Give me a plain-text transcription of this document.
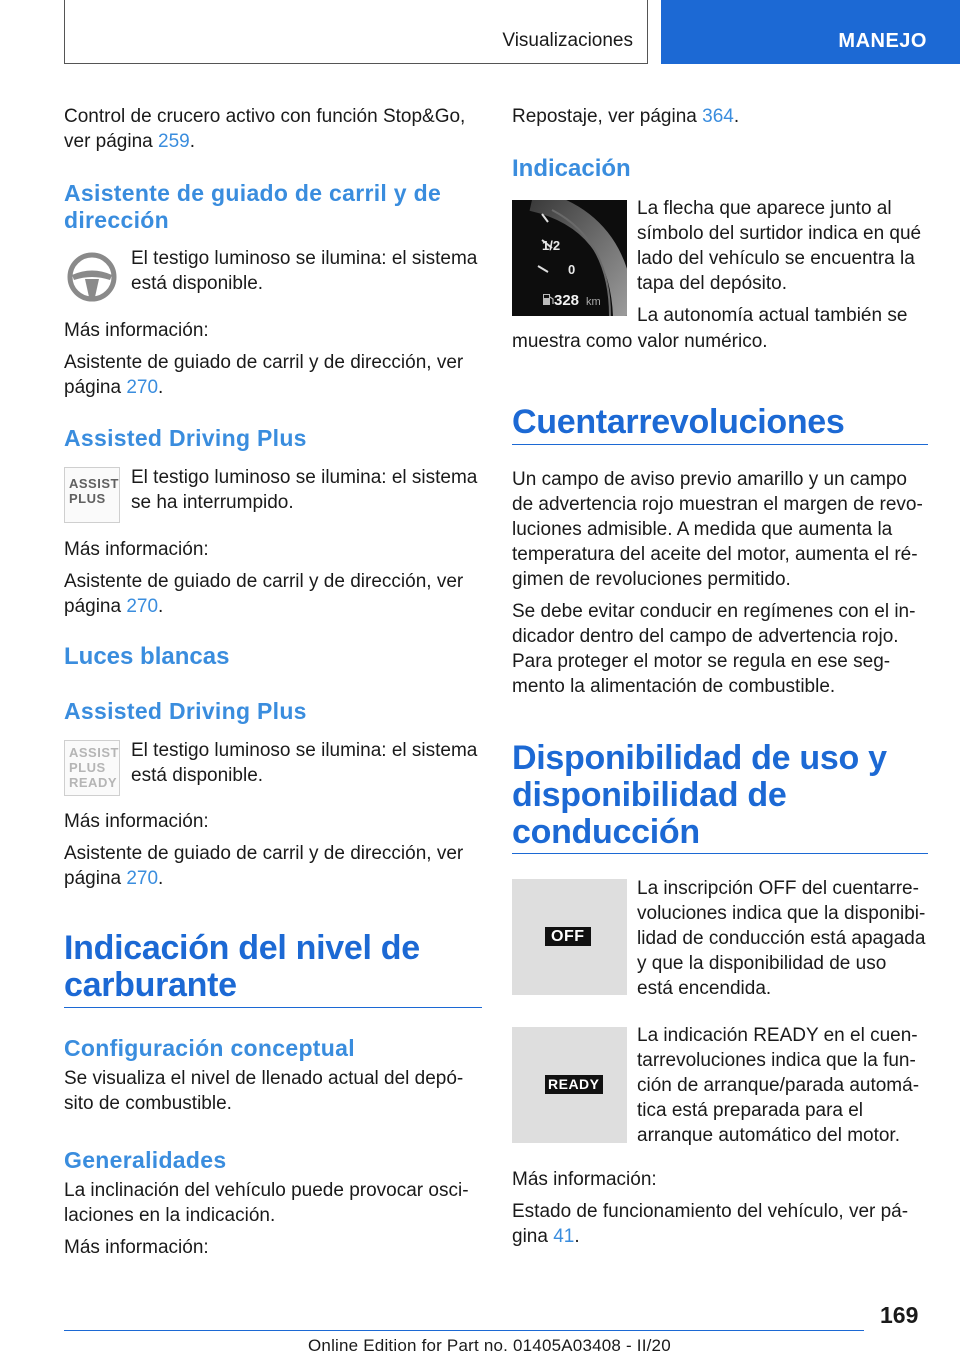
Visualizaciones	MANEJO

Control de crucero activo con función Stop&Go,

ver página 259.

Asistente de guiado de carril y de

dirección

El testigo luminoso se ilumina: el sistema

está disponible.

Más información:

Asistente de guiado de carril y de dirección, ver

página 270.

Assisted Driving Plus

ASSIST
PLUS

El testigo luminoso se ilumina: el sistema

se ha interrumpido.

Más información:

Asistente de guiado de carril y de dirección, ver

página 270.

Luces blancas

Assisted Driving Plus

ASSIST
PLUS
READY

El testigo luminoso se ilumina: el sistema

está disponible.

Más información:

Asistente de guiado de carril y de dirección, ver

página 270.

Indicación del nivel de

carburante

Configuración conceptual

Se visualiza el nivel de llenado actual del depó-

sito de combustible.

Generalidades

La inclinación del vehículo puede provocar osci-

laciones en la indicación.

Más información:

Repostaje, ver página 364.

Indicación

1/2
0
328 km

La flecha que aparece junto al

símbolo del surtidor indica en qué

lado del vehículo se encuentra la

tapa del depósito.

La autonomía actual también se

muestra como valor numérico.

Cuentarrevoluciones

Un campo de aviso previo amarillo y un campo

de advertencia rojo muestran el margen de revo-

luciones admisible. A medida que aumenta la

temperatura del aceite del motor, aumenta el ré-

gimen de revoluciones permitido.

Se debe evitar conducir en regímenes con el in-

dicador dentro del campo de advertencia rojo.

Para proteger el motor se regula en ese seg-

mento la alimentación de combustible.

Disponibilidad de uso y

disponibilidad de

conducción

OFF

La inscripción OFF del cuentarre-

voluciones indica que la disponibi-

lidad de conducción está apagada

y que la disponibilidad de uso

está encendida.

READY

La indicación READY en el cuen-

tarrevoluciones indica que la fun-

ción de arranque/parada automá-

tica está preparada para el

arranque automático del motor.

Más información:

Estado de funcionamiento del vehículo, ver pá-

gina 41.

169
Online Edition for Part no. 01405A03408 - II/20
